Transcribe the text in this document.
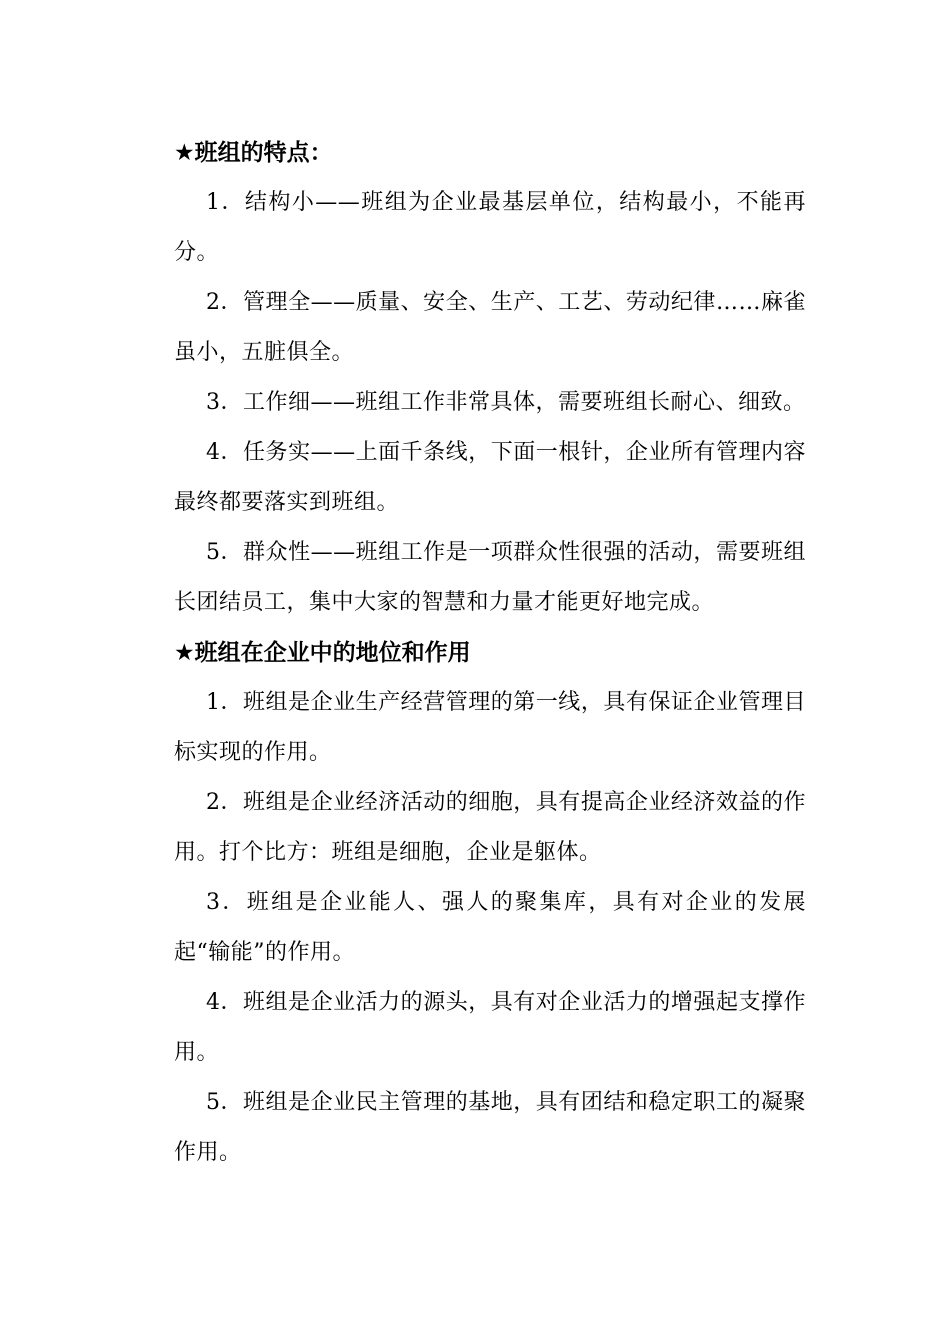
★班组的特点：

1．结构小——班组为企业最基层单位，结构最小，不能再分。

2．管理全——质量、安全、生产、工艺、劳动纪律……麻雀虽小，五脏俱全。

3．工作细——班组工作非常具体，需要班组长耐心、细致。

4．任务实——上面千条线，下面一根针，企业所有管理内容最终都要落实到班组。

5．群众性——班组工作是一项群众性很强的活动，需要班组长团结员工，集中大家的智慧和力量才能更好地完成。

★班组在企业中的地位和作用

1．班组是企业生产经营管理的第一线，具有保证企业管理目标实现的作用。

2．班组是企业经济活动的细胞，具有提高企业经济效益的作用。打个比方：班组是细胞，企业是躯体。

3．班组是企业能人、强人的聚集库，具有对企业的发展起“输能”的作用。

4．班组是企业活力的源头，具有对企业活力的增强起支撑作用。

5．班组是企业民主管理的基地，具有团结和稳定职工的凝聚作用。
